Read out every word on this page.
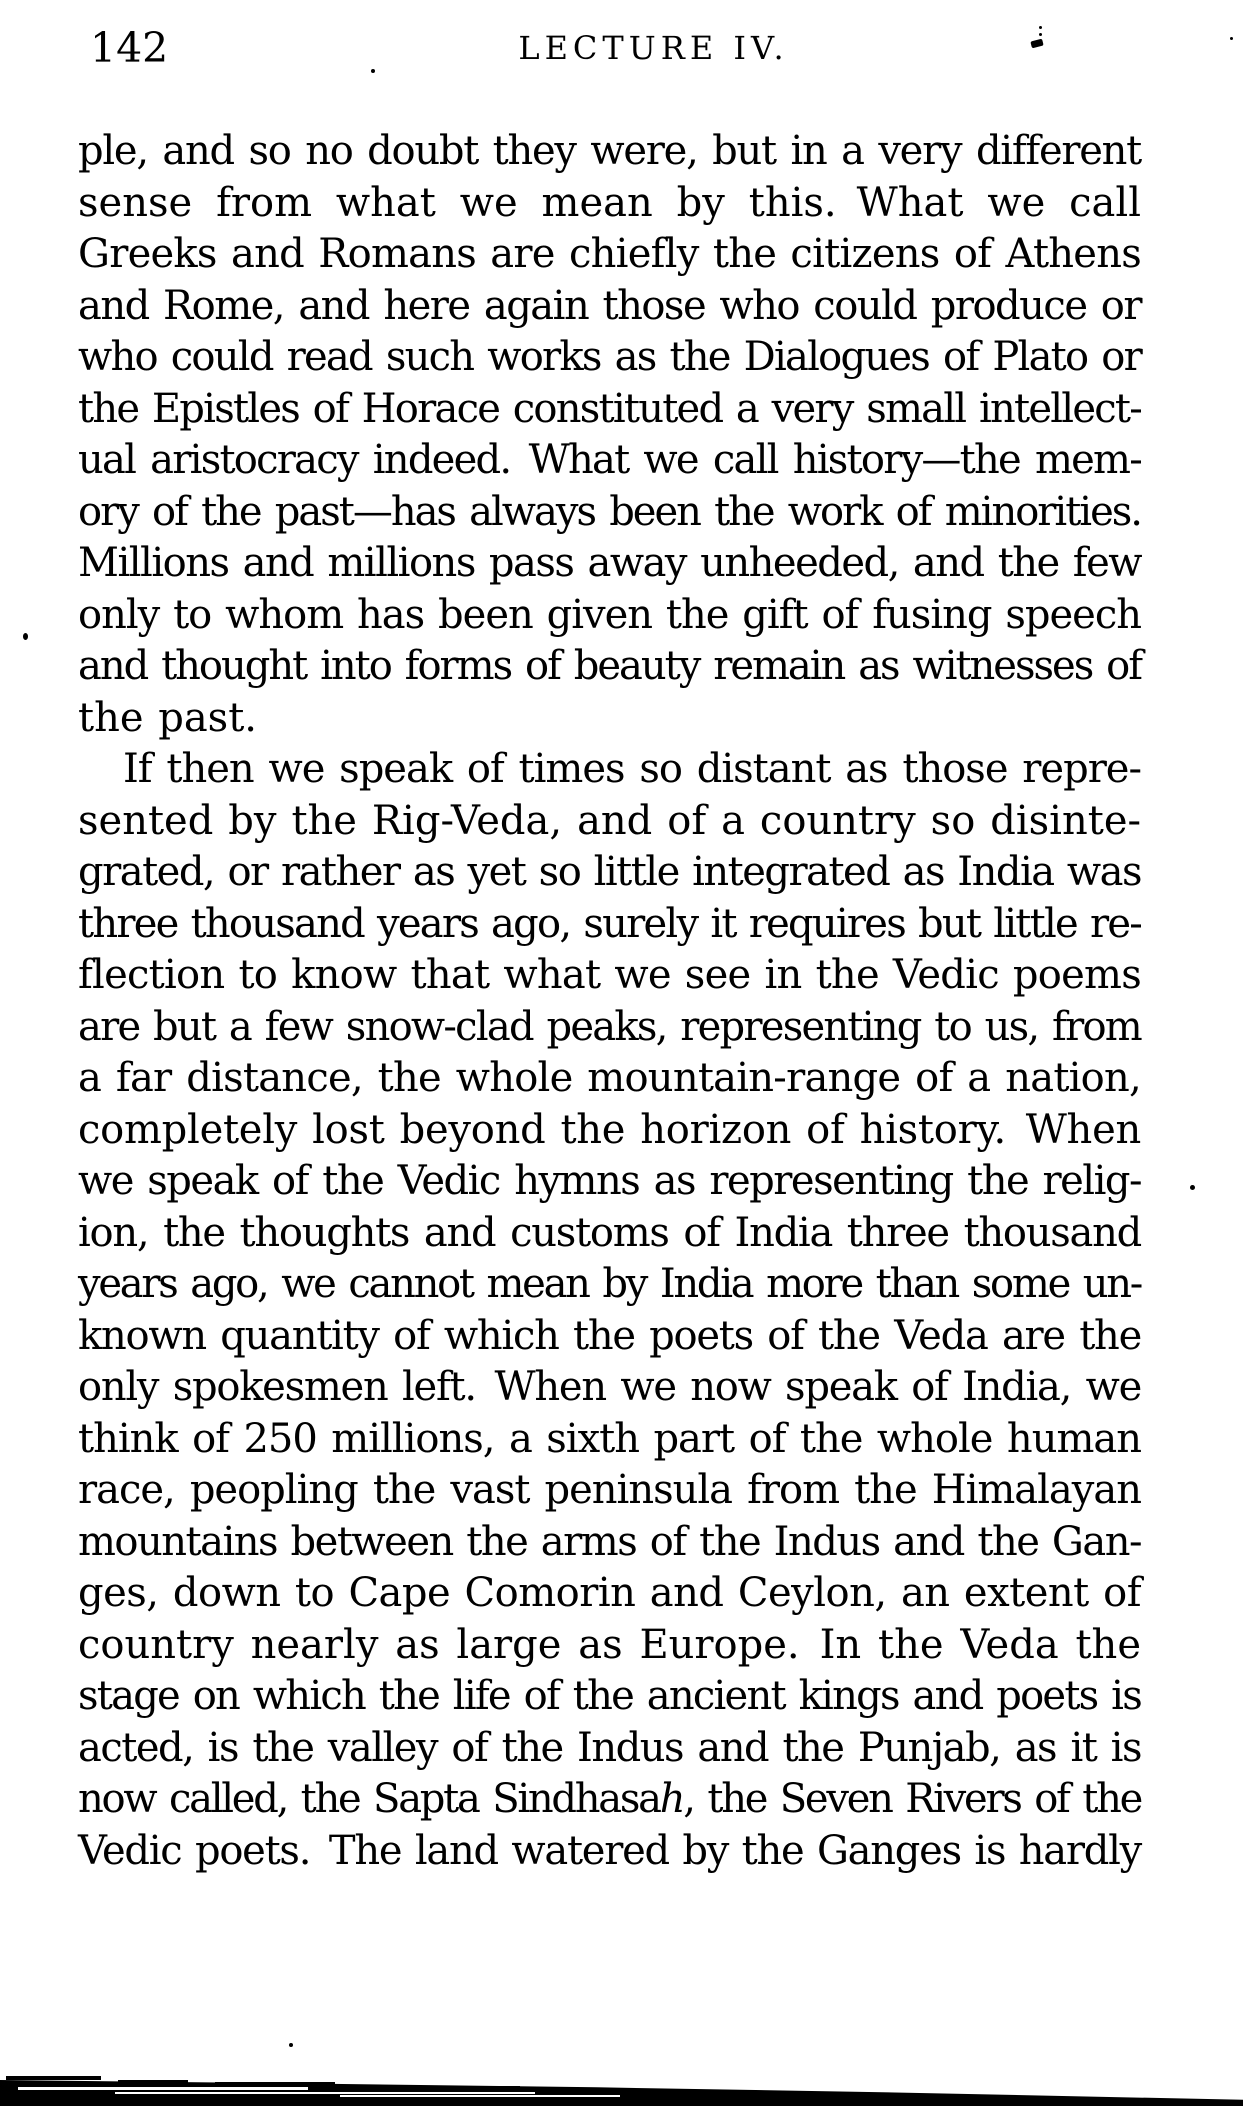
142	LECTURE IV.
ple, and so no doubt they were, but in a very different
sense from what we mean by this. What we call
Greeks and Romans are chiefly the citizens of Athens
and Rome, and here again those who could produce or
who could read such works as the Dialogues of Plato or
the Epistles of Horace constituted a very small intellect-
ual aristocracy indeed. What we call history—the mem-
ory of the past—has always been the work of minorities.
Millions and millions pass away unheeded, and the few
only to whom has been given the gift of fusing speech
and thought into forms of beauty remain as witnesses of
the past.
If then we speak of times so distant as those repre-
sented by the Rig-Veda, and of a country so disinte-
grated, or rather as yet so little integrated as India was
three thousand years ago, surely it requires but little re-
flection to know that what we see in the Vedic poems
are but a few snow-clad peaks, representing to us, from
a far distance, the whole mountain-range of a nation,
completely lost beyond the horizon of history. When
we speak of the Vedic hymns as representing the relig-
ion, the thoughts and customs of India three thousand
years ago, we cannot mean by India more than some un-
known quantity of which the poets of the Veda are the
only spokesmen left. When we now speak of India, we
think of 250 millions, a sixth part of the whole human
race, peopling the vast peninsula from the Himalayan
mountains between the arms of the Indus and the Gan-
ges, down to Cape Comorin and Ceylon, an extent of
country nearly as large as Europe. In the Veda the
stage on which the life of the ancient kings and poets is
acted, is the valley of the Indus and the Punjab, as it is
now called, the Sapta Sindhasah, the Seven Rivers of the
Vedic poets. The land watered by the Ganges is hardly
